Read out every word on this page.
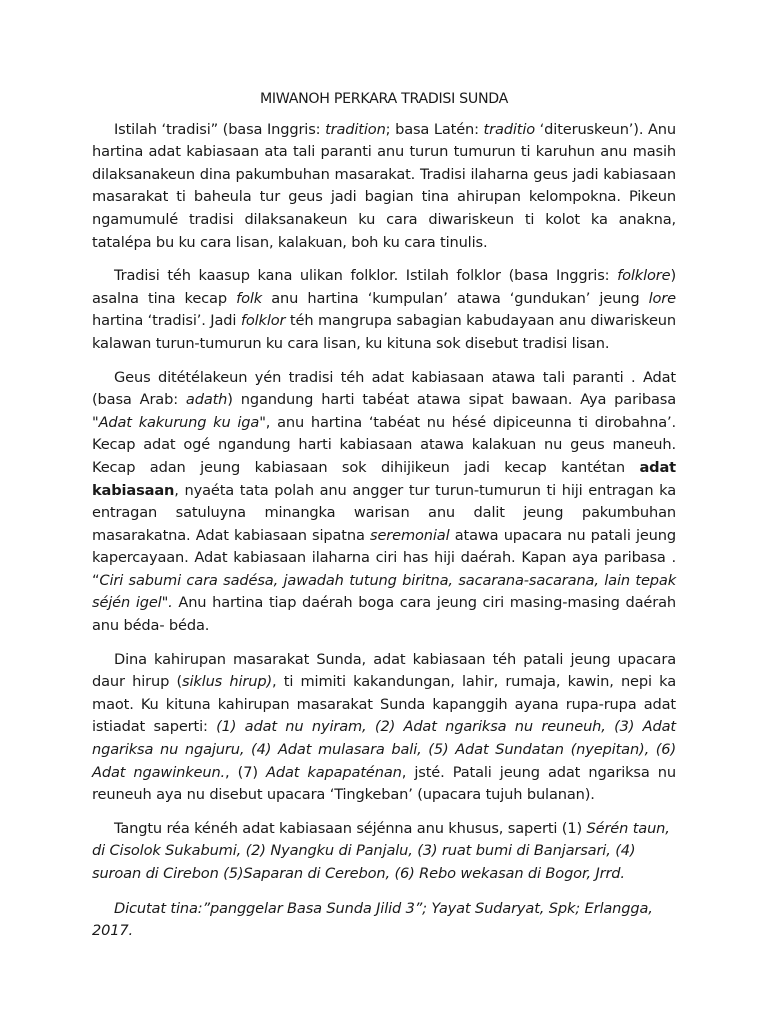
MIWANOH PERKARA TRADISI SUNDA

Istilah ‘tradisi” (basa Inggris: tradition; basa Latén: traditio ‘diteruskeun’). Anu hartina adat kabiasaan ata tali paranti anu turun tumurun ti karuhun anu masih dilaksanakeun dina pakumbuhan masarakat. Tradisi ilaharna geus jadi kabiasaan masarakat ti baheula tur geus jadi bagian tina ahirupan kelompokna. Pikeun ngamumulé tradisi dilaksanakeun ku cara diwariskeun ti kolot ka anakna, tatalépa bu ku cara lisan, kalakuan, boh ku cara tinulis.

Tradisi téh kaasup kana ulikan folklor. Istilah folklor (basa Inggris: folklore) asalna tina kecap folk anu hartina ‘kumpulan’ atawa ‘gundukan’ jeung lore hartina ‘tradisi’. Jadi folklor téh mangrupa sabagian kabudayaan anu diwariskeun kalawan turun-tumurun ku cara lisan, ku kituna sok disebut tradisi lisan.

Geus ditétélakeun yén tradisi téh adat kabiasaan atawa tali paranti . Adat (basa Arab: adath) ngandung harti tabéat atawa sipat bawaan. Aya paribasa "Adat kakurung ku iga", anu hartina ‘tabéat nu hésé dipiceunna ti dirobahna’. Kecap adat ogé ngandung harti kabiasaan atawa kalakuan nu geus maneuh. Kecap adan jeung kabiasaan sok dihijikeun jadi kecap kantétan adat kabiasaan, nyaéta tata polah anu angger tur turun-tumurun ti hiji entragan ka entragan satuluyna minangka warisan anu dalit jeung pakumbuhan masarakatna. Adat kabiasaan sipatna seremonial atawa upacara nu patali jeung kapercayaan. Adat kabiasaan ilaharna ciri has hiji daérah. Kapan aya paribasa . “Ciri sabumi cara sadésa, jawadah tutung biritna, sacarana-sacarana, lain tepak séjén igel". Anu hartina tiap daérah boga cara jeung ciri masing-masing daérah anu béda- béda.

Dina kahirupan masarakat Sunda, adat kabiasaan téh patali jeung upacara daur hirup (siklus hirup), ti mimiti kakandungan, lahir, rumaja, kawin, nepi ka maot. Ku kituna kahirupan masarakat Sunda kapanggih ayana rupa-rupa adat istiadat saperti: (1) adat nu nyiram, (2) Adat ngariksa nu reuneuh, (3) Adat ngariksa nu ngajuru, (4) Adat mulasara bali, (5) Adat Sundatan (nyepitan), (6) Adat ngawinkeun., (7) Adat kapapaténan, jsté. Patali jeung adat ngariksa nu reuneuh aya nu disebut upacara ‘Tingkeban’ (upacara tujuh bulanan).

Tangtu réa kénéh adat kabiasaan séjénna anu khusus, saperti (1) Sérén taun, di Cisolok Sukabumi, (2) Nyangku di Panjalu, (3) ruat bumi di Banjarsari, (4) suroan di Cirebon (5)Saparan di Cerebon, (6) Rebo wekasan di Bogor, Jrrd.

Dicutat tina:”panggelar Basa Sunda Jilid 3”; Yayat Sudaryat, Spk; Erlangga, 2017.
